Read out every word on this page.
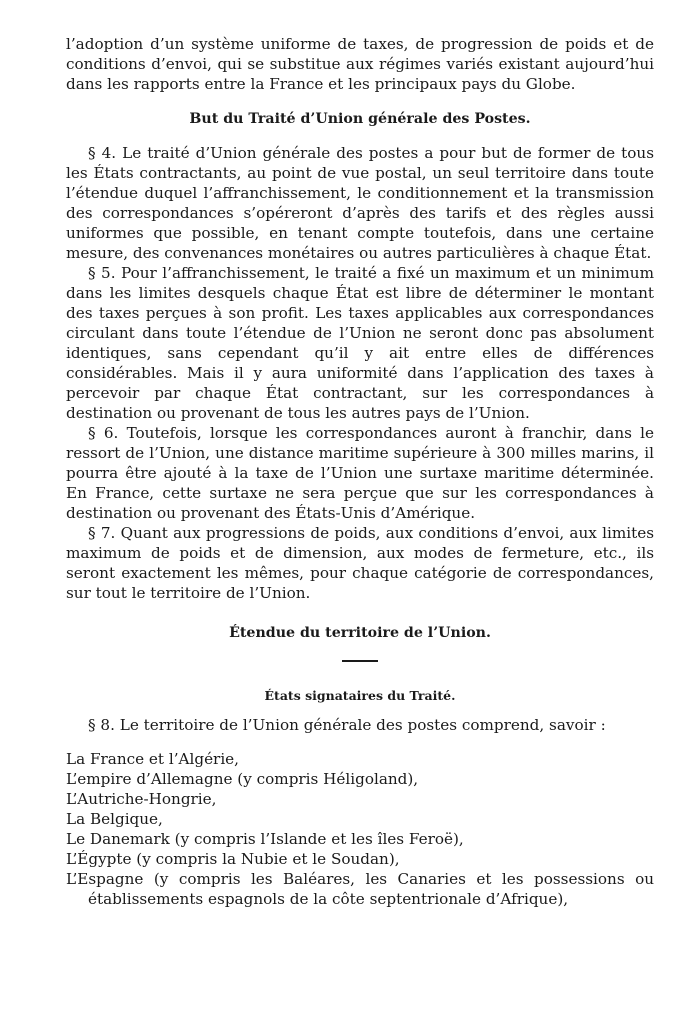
l’adoption d’un système uniforme de taxes, de progression de poids et de conditions d’envoi, qui se substitue aux régimes variés existant aujourd’hui dans les rapports entre la France et les principaux pays du Globe.

But du Traité d’Union générale des Postes.

§ 4. Le traité d’Union générale des postes a pour but de former de tous les États contractants, au point de vue postal, un seul territoire dans toute l’étendue duquel l’affranchissement, le conditionnement et la transmission des correspondances s’opéreront d’après des tarifs et des règles aussi uniformes que possible, en tenant compte toutefois, dans une certaine mesure, des convenances monétaires ou autres particulières à chaque État.

§ 5. Pour l’affranchissement, le traité a fixé un maximum et un minimum dans les limites desquels chaque État est libre de déterminer le montant des taxes perçues à son profit. Les taxes applicables aux correspondances circulant dans toute l’étendue de l’Union ne seront donc pas absolument identiques, sans cependant qu’il y ait entre elles de différences considérables. Mais il y aura uniformité dans l’application des taxes à percevoir par chaque État contractant, sur les correspondances à destination ou provenant de tous les autres pays de l’Union.

§ 6. Toutefois, lorsque les correspondances auront à franchir, dans le ressort de l’Union, une distance maritime supérieure à 300 milles marins, il pourra être ajouté à la taxe de l’Union une surtaxe maritime déterminée. En France, cette surtaxe ne sera perçue que sur les correspondances à destination ou provenant des États-Unis d’Amérique.

§ 7. Quant aux progressions de poids, aux conditions d’envoi, aux limites maximum de poids et de dimension, aux modes de fermeture, etc., ils seront exactement les mêmes, pour chaque catégorie de correspondances, sur tout le territoire de l’Union.

Étendue du territoire de l’Union.
États signataires du Traité.

§ 8. Le territoire de l’Union générale des postes comprend, savoir :

La France et l’Algérie,
L’empire d’Allemagne (y compris Héligoland),
L’Autriche-Hongrie,
La Belgique,
Le Danemark (y compris l’Islande et les îles Feroë),
L’Égypte (y compris la Nubie et le Soudan),
L’Espagne (y compris les Baléares, les Canaries et les possessions ou établissements espagnols de la côte septentrionale d’Afrique),
